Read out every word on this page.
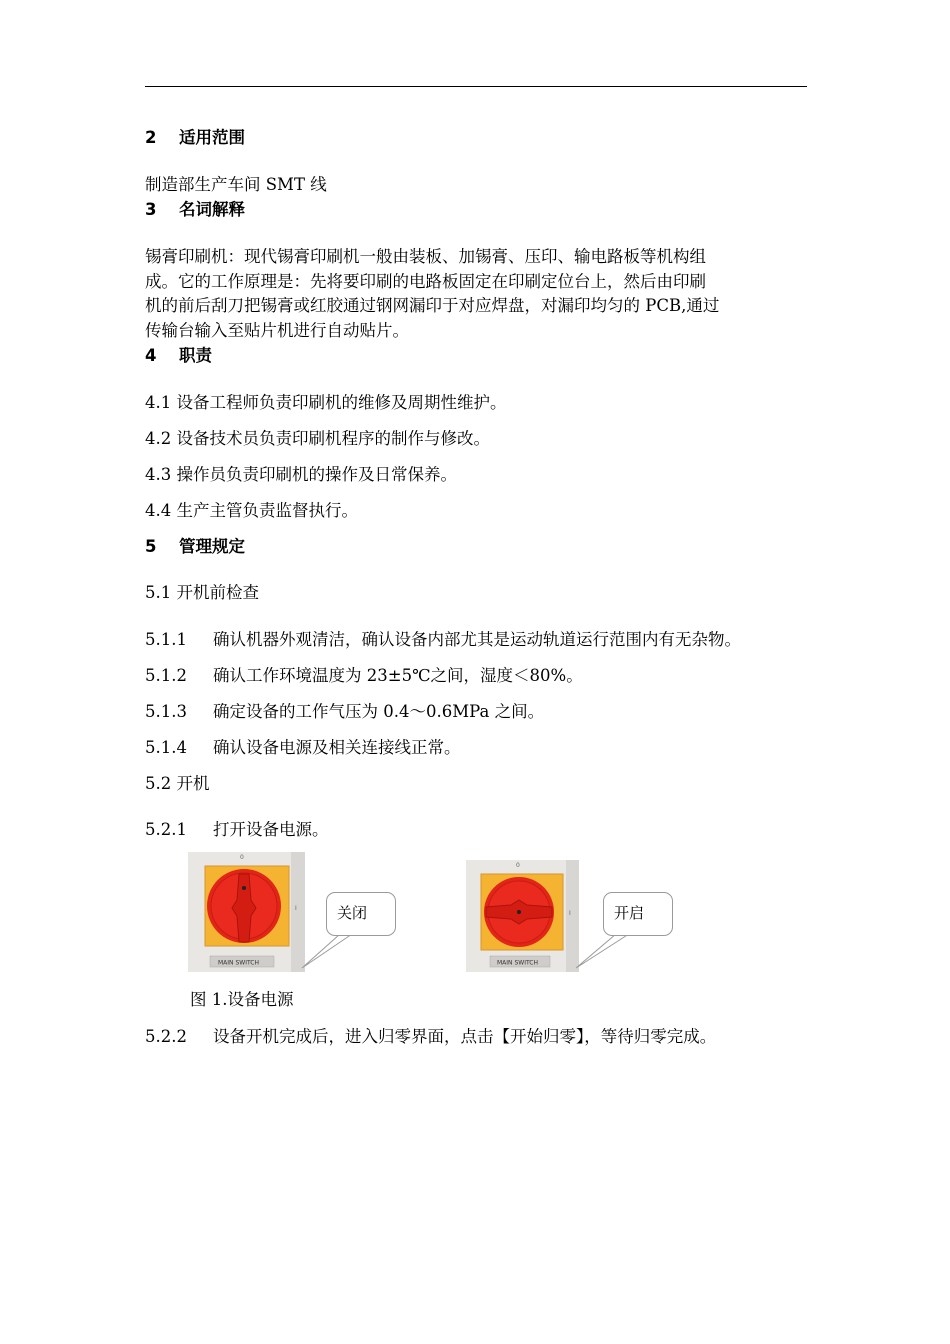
2 适用范围
制造部生产车间 SMT 线
3 名词解释
锡膏印刷机：现代锡膏印刷机一般由装板、加锡膏、压印、输电路板等机构组
成。它的工作原理是：先将要印刷的电路板固定在印刷定位台上，然后由印刷
机的前后刮刀把锡膏或红胶通过钢网漏印于对应焊盘，对漏印均匀的 PCB,通过
传输台输入至贴片机进行自动贴片。
4 职责
4.1 设备工程师负责印刷机的维修及周期性维护。
4.2 设备技术员负责印刷机程序的制作与修改。
4.3 操作员负责印刷机的操作及日常保养。
4.4 生产主管负责监督执行。
5 管理规定
5.1 开机前检查
5.1.1 确认机器外观清洁，确认设备内部尤其是运动轨道运行范围内有无杂物。
5.1.2 确认工作环境温度为 23±5℃之间，湿度＜80%。
5.1.3 确定设备的工作气压为 0.4～0.6MPa 之间。
5.1.4 确认设备电源及相关连接线正常。
5.2 开机
5.2.1 打开设备电源。
0
I
MAIN SWITCH
关闭
0
I
MAIN SWITCH
开启
图 1.设备电源
5.2.2 设备开机完成后，进入归零界面，点击【开始归零】，等待归零完成。
